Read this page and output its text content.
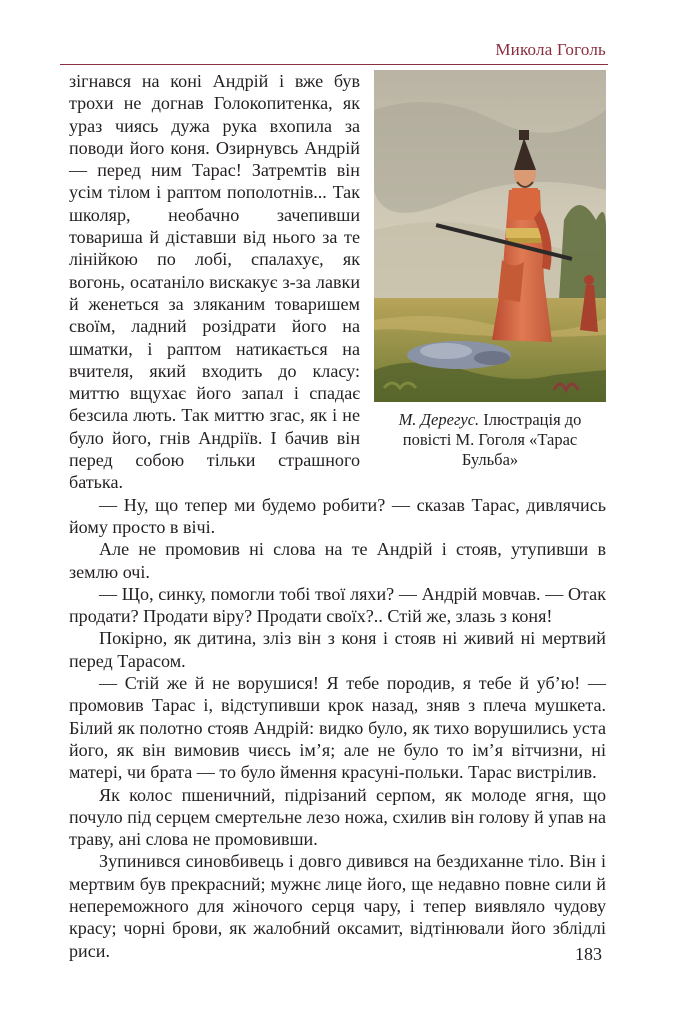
Микола Гоголь
М. Дерегус. Ілюстрація до повісті М. Гоголя «Тарас Бульба»

зігнався на коні Андрій і вже був трохи не догнав Голокопитенка, як ураз чиясь дужа рука вхопила за поводи його коня. Озирнувсь Андрій — перед ним Тарас! Затремтів він усім тілом і раптом пополотнів... Так школяр, необачно зачепивши товариша й діставши від нього за те лінійкою по лобі, спалахує, як вогонь, осатаніло вискакує з-за лавки й женеться за зляканим товаришем своїм, ладний розідрати його на шматки, і раптом натикається на вчителя, який входить до класу: миттю вщухає його запал і спадає безсила лють. Так миттю згас, як і не було його, гнів Андріїв. І бачив він перед собою тільки страшного батька.

— Ну, що тепер ми будемо робити? — сказав Тарас, дивлячись йому просто в вічі.

Але не промовив ні слова на те Андрій і стояв, утупивши в землю очі.

— Що, синку, помогли тобі твої ляхи? — Андрій мовчав. — Отак продати? Продати віру? Продати своїх?.. Стій же, злазь з коня!

Покірно, як дитина, зліз він з коня і стояв ні живий ні мертвий перед Тарасом.

— Стій же й не ворушися! Я тебе породив, я тебе й уб’ю! — промовив Тарас і, відступивши крок назад, зняв з плеча мушкета. Білий як полотно стояв Андрій: видко було, як тихо ворушились уста його, як він вимовив чиєсь ім’я; але не було то ім’я вітчизни, ні матері, чи брата — то було ймення красуні-польки. Тарас вистрілив.

Як колос пшеничний, підрізаний серпом, як молоде ягня, що почуло під серцем смертельне лезо ножа, схилив він голову й упав на траву, ані слова не промовивши.

Зупинився синовбивець і довго дивився на бездиханне тіло. Він і мертвим був прекрасний; мужнє лице його, ще недавно повне сили й непереможного для жіночого серця чару, і тепер виявляло чудову красу; чорні брови, як жалобний оксамит, відтінювали його зблідлі риси.	183
